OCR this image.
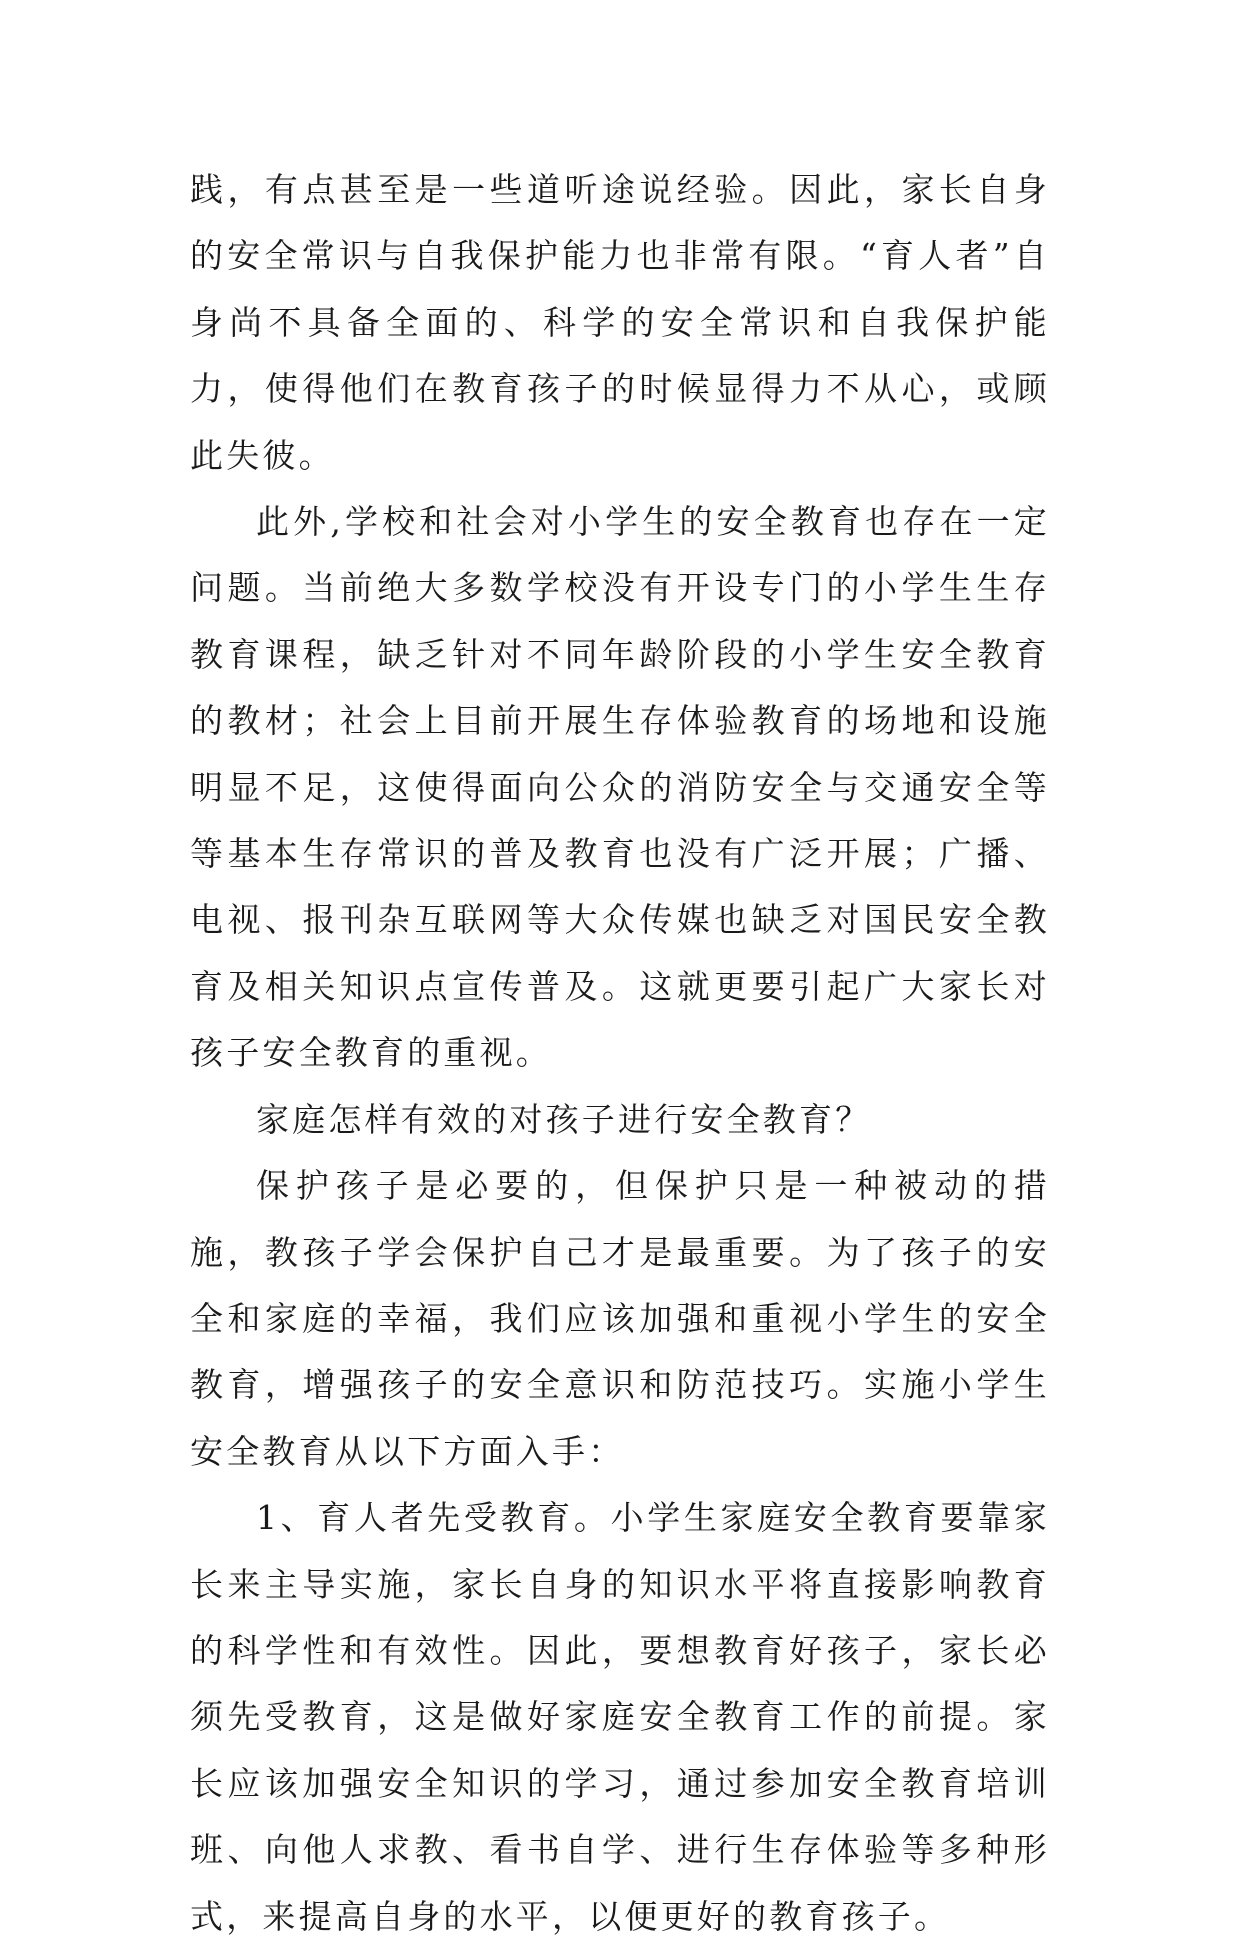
践，有点甚至是一些道听途说经验。因此，家长自身的安全常识与自我保护能力也非常有限。“育人者”自身尚不具备全面的、科学的安全常识和自我保护能力，使得他们在教育孩子的时候显得力不从心，或顾此失彼。

此外,学校和社会对小学生的安全教育也存在一定问题。当前绝大多数学校没有开设专门的小学生生存教育课程，缺乏针对不同年龄阶段的小学生安全教育的教材；社会上目前开展生存体验教育的场地和设施明显不足，这使得面向公众的消防安全与交通安全等等基本生存常识的普及教育也没有广泛开展；广播、电视、报刊杂互联网等大众传媒也缺乏对国民安全教育及相关知识点宣传普及。这就更要引起广大家长对孩子安全教育的重视。

家庭怎样有效的对孩子进行安全教育？

保护孩子是必要的，但保护只是一种被动的措施，教孩子学会保护自己才是最重要。为了孩子的安全和家庭的幸福，我们应该加强和重视小学生的安全教育，增强孩子的安全意识和防范技巧。实施小学生安全教育从以下方面入手：

1、育人者先受教育。小学生家庭安全教育要靠家长来主导实施，家长自身的知识水平将直接影响教育的科学性和有效性。因此，要想教育好孩子，家长必须先受教育，这是做好家庭安全教育工作的前提。家长应该加强安全知识的学习，通过参加安全教育培训班、向他人求教、看书自学、进行生存体验等多种形式，来提高自身的水平，以便更好的教育孩子。
